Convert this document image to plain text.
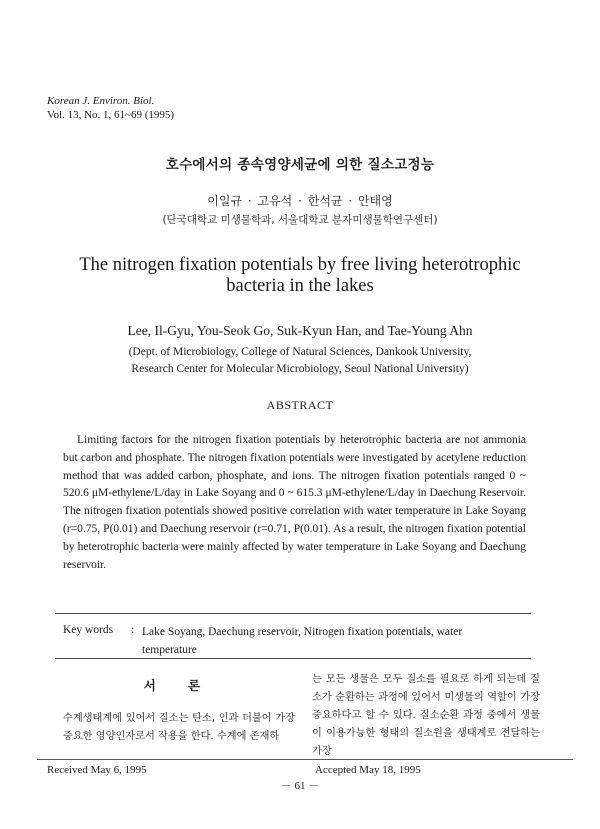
Korean J. Environ. Biol.
Vol. 13, No. 1, 61~69 (1995)
호수에서의 종속영양세균에 의한 질소고정능
이일규 · 고유석 · 한석균 · 안태영
(단국대학교 미생물학과, 서울대학교 분자미생물학연구센터)
The nitrogen fixation potentials by free living heterotrophic
bacteria in the lakes
Lee, Il-Gyu, You-Seok Go, Suk-Kyun Han, and Tae-Young Ahn
(Dept. of Microbiology, College of Natural Sciences, Dankook University,
Research Center for Molecular Microbiology, Seoul National University)
ABSTRACT
Limiting factors for the nitrogen fixation potentials by heterotrophic bacteria are not ammonia but carbon and phosphate. The nitrogen fixation potentials were investigated by acetylene reduction method that was added carbon, phosphate, and ions. The nitrogen fixation potentials ranged 0 ~ 520.6 μM-ethylene/L/day in Lake Soyang and 0 ~ 615.3 μM-ethylene/L/day in Daechung Reservoir. The nitrogen fixation potentials showed positive correlation with water temperature in Lake Soyang (r=0.75, P(0.01) and Daechung reservoir (r=0.71, P(0.01). As a result, the nitrogen fixation potential by heterotrophic bacteria were mainly affected by water temperature in Lake Soyang and Daechung reservoir.
Key words : Lake Soyang, Daechung reservoir, Nitrogen fixation potentials, water
temperature
서 론
수계생태계에 있어서 질소는 탄소, 인과 더불어 가장 중요한 영양인자로서 작용을 한다. 수계에 존재하
는 모든 생물은 모두 질소를 필요로 하게 되는데 질소가 순환하는 과정에 있어서 미생물의 역할이 가장 중요하다고 할 수 있다. 질소순환 과정 중에서 생물이 이용가능한 형태의 질소원을 생태계로 전달하는 가장
Received May 6, 1995	Accepted May 18, 1995
－ 61 －
